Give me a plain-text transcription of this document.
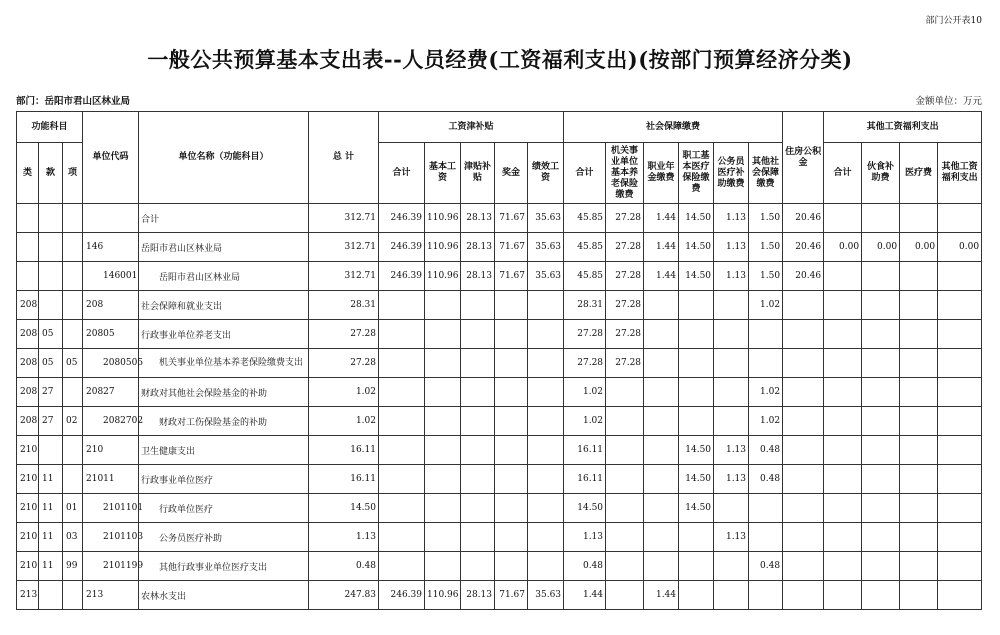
部门公开表10
一般公共预算基本支出表--人员经费(工资福利支出)(按部门预算经济分类)
部门：岳阳市君山区林业局	金额单位：万元
功能科目			单位代码	单位名称（功能科目）	总 计	工资津补贴					社会保障缴费						住房公积金	其他工资福利支出			
类	款	项				合计	基本工资	津贴补贴	奖金	绩效工资	合计	机关事业单位基本养老保险缴费	职业年金缴费	职工基本医疗保险缴费	公务员医疗补助缴费	其他社会保障缴费		合计	伙食补助费	医疗费	其他工资福利支出
				合计	312.71	246.39	110.96	28.13	71.67	35.63	45.85	27.28	1.44	14.50	1.13	1.50	20.46				
			146	岳阳市君山区林业局	312.71	246.39	110.96	28.13	71.67	35.63	45.85	27.28	1.44	14.50	1.13	1.50	20.46	0.00	0.00	0.00	0.00
			146001	岳阳市君山区林业局	312.71	246.39	110.96	28.13	71.67	35.63	45.85	27.28	1.44	14.50	1.13	1.50	20.46				
208			208	社会保障和就业支出	28.31						28.31	27.28				1.02					
208	05		20805	行政事业单位养老支出	27.28						27.28	27.28									
208	05	05	2080505	机关事业单位基本养老保险缴费支出	27.28						27.28	27.28									
208	27		20827	财政对其他社会保险基金的补助	1.02						1.02					1.02					
208	27	02	2082702	财政对工伤保险基金的补助	1.02						1.02					1.02					
210			210	卫生健康支出	16.11						16.11			14.50	1.13	0.48					
210	11		21011	行政事业单位医疗	16.11						16.11			14.50	1.13	0.48					
210	11	01	2101101	行政单位医疗	14.50						14.50			14.50							
210	11	03	2101103	公务员医疗补助	1.13						1.13				1.13						
210	11	99	2101199	其他行政事业单位医疗支出	0.48						0.48					0.48					
213			213	农林水支出	247.83	246.39	110.96	28.13	71.67	35.63	1.44		1.44								
